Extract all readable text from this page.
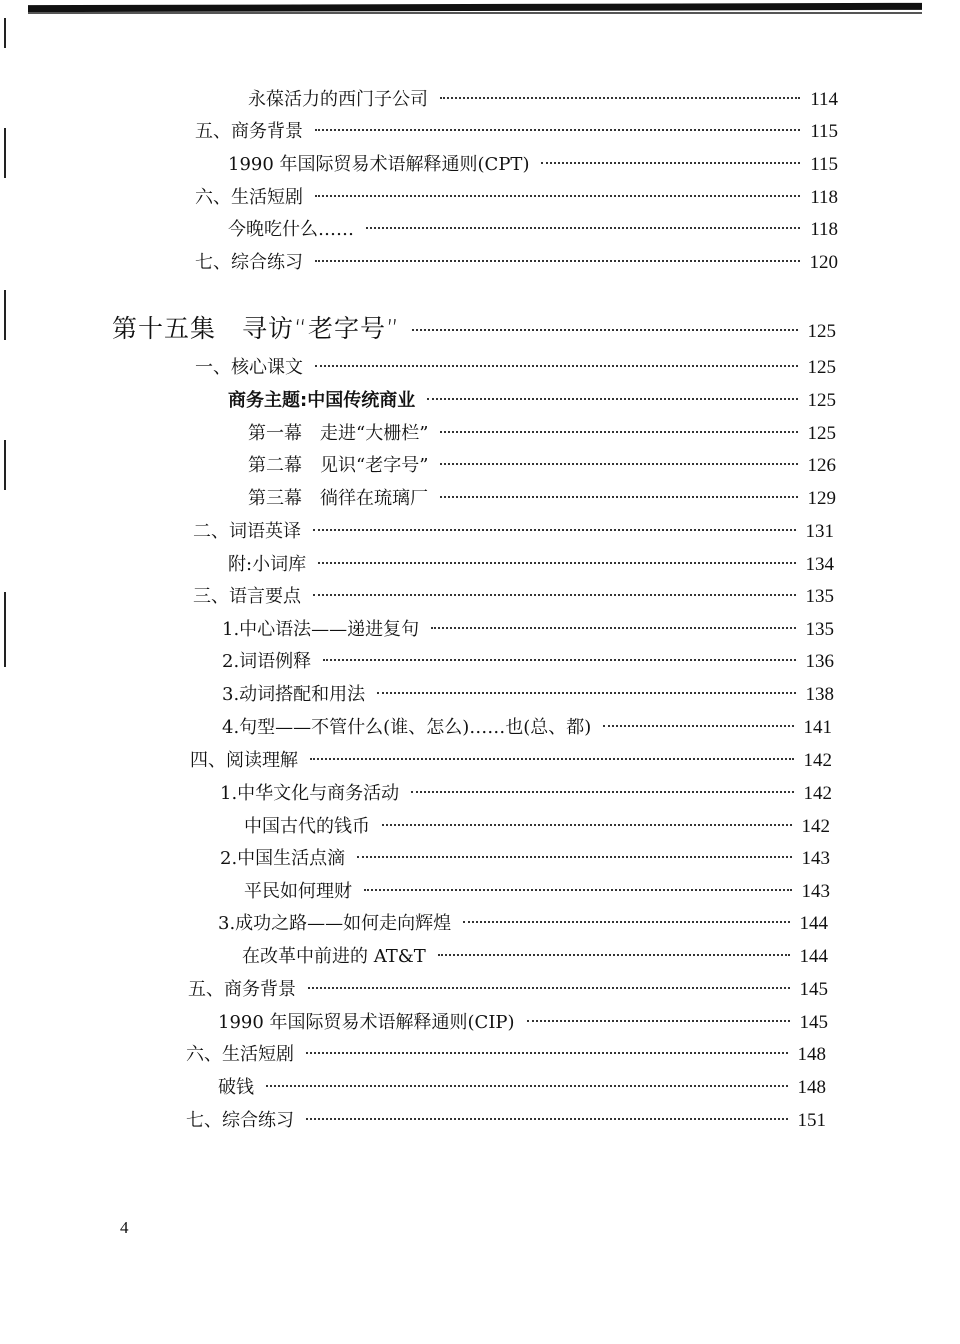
永葆活力的西门子公司	114
五、商务背景	115
1990 年国际贸易术语解释通则(CPT)	115
六、生活短剧	118
今晚吃什么……	118
七、综合练习	120
第十五集　寻访“老字号”	125
一、核心课文	125
商务主题:中国传统商业	125
第一幕　走进“大栅栏”	125
第二幕　见识“老字号”	126
第三幕　徜徉在琉璃厂	129
二、词语英译	131
附:小词库	134
三、语言要点	135
1.中心语法——递进复句	135
2.词语例释	136
3.动词搭配和用法	138
4.句型——不管什么(谁、怎么)……也(总、都)	141
四、阅读理解	142
1.中华文化与商务活动	142
中国古代的钱币	142
2.中国生活点滴	143
平民如何理财	143
3.成功之路——如何走向辉煌	144
在改革中前进的 AT&T	144
五、商务背景	145
1990 年国际贸易术语解释通则(CIP)	145
六、生活短剧	148
破钱	148
七、综合练习	151
4
